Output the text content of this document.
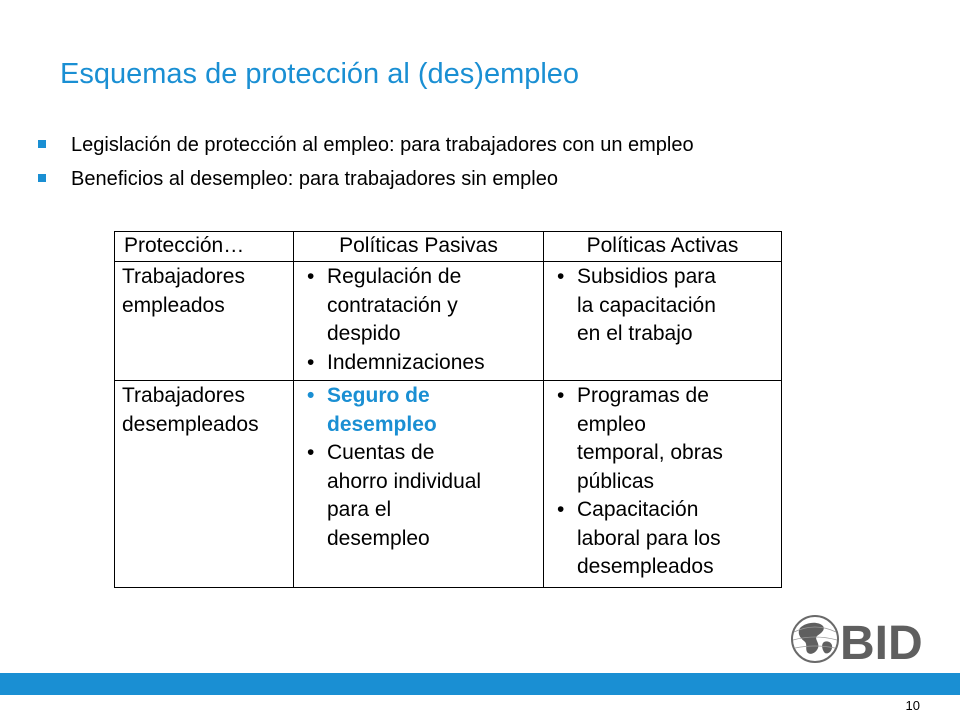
Esquemas de protección al (des)empleo
Legislación de protección al empleo: para trabajadores con un empleo
Beneficios al desempleo: para trabajadores sin empleo
Protección…	Políticas Pasivas	Políticas Activas
Trabajadores
empleados
• Regulación de
contratación y
despido
• Indemnizaciones
• Subsidios para
la capacitación
en el trabajo
Trabajadores
desempleados
• Seguro de
desempleo
• Cuentas de
ahorro individual
para el
desempleo
• Programas de
empleo
temporal, obras
públicas
• Capacitación
laboral para los
desempleados
BID
10
